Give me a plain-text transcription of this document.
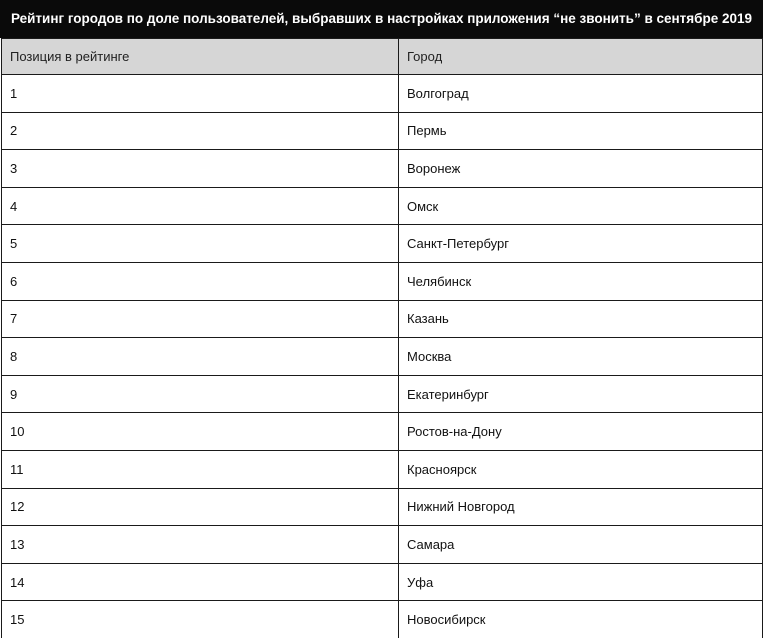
Рейтинг городов по доле пользователей, выбравших в настройках приложения “не звонить” в сентябре 2019
Позиция в рейтинге	Город
1	Волгоград
2	Пермь
3	Воронеж
4	Омск
5	Санкт-Петербург
6	Челябинск
7	Казань
8	Москва
9	Екатеринбург
10	Ростов-на-Дону
11	Красноярск
12	Нижний Новгород
13	Самара
14	Уфа
15	Новосибирск
